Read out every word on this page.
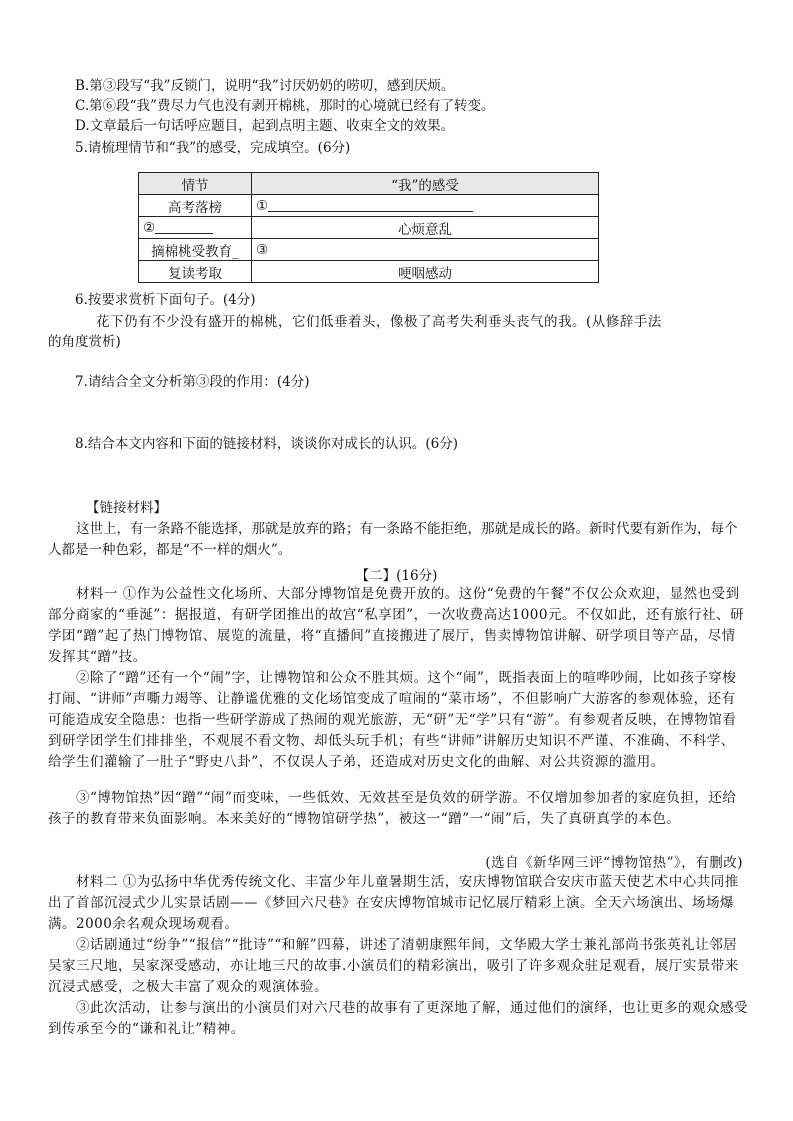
B.第③段写“我”反锁门，说明“我”讨厌奶奶的唠叨，感到厌烦。
C.第⑥段“我”费尽力气也没有剥开棉桃，那时的心境就已经有了转变。
D.文章最后一句话呼应题目，起到点明主题、收束全文的效果。
5.请梳理情节和“我”的感受，完成填空。(6分)
情节	“我”的感受
高考落榜	①
②	心烦意乱
摘棉桃受教育_	③
复读考取	哽咽感动
6.按要求赏析下面句子。(4分)
花下仍有不少没有盛开的棉桃，它们低垂着头，像极了高考失利垂头丧气的我。(从修辞手法
的角度赏析)
7.请结合全文分析第③段的作用：(4分)
8.结合本文内容和下面的链接材料，谈谈你对成长的认识。(6分)
【链接材料】
这世上，有一条路不能选择，那就是放弃的路；有一条路不能拒绝，那就是成长的路。新时代要有新作为，每个人都是一种色彩，都是“不一样的烟火”。
【二】(16分)
材料一 ①作为公益性文化场所、大部分博物馆是免费开放的。这份“免费的午餐”不仅公众欢迎，显然也受到部分商家的“垂涎”：据报道，有研学团推出的故宫“私享团”，一次收费高达1000元。不仅如此，还有旅行社、研学团“蹭”起了热门博物馆、展览的流量，将“直播间”直接搬进了展厅，售卖博物馆讲解、研学项目等产品，尽情发挥其“蹭”技。
②除了“蹭”还有一个“闹”字，让博物馆和公众不胜其烦。这个“闹”，既指表面上的喧哗吵闹，比如孩子穿梭打闹、“讲师”声嘶力竭等、让静谧优雅的文化场馆变成了喧闹的“菜市场”，不但影响广大游客的参观体验，还有可能造成安全隐患：也指一些研学游成了热闹的观光旅游，无“研”无“学”只有“游”。有参观者反映，在博物馆看到研学团学生们排排坐，不观展不看文物、却低头玩手机；有些“讲师”讲解历史知识不严谨、不准确、不科学、给学生们灌输了一肚子“野史八卦”，不仅误人子弟，还造成对历史文化的曲解、对公共资源的滥用。
③“博物馆热”因“蹭”“闹”而变味，一些低效、无效甚至是负效的研学游。不仅增加参加者的家庭负担，还给孩子的教育带来负面影响。本来美好的“博物馆研学热”，被这一“蹭”一“闹”后，失了真研真学的本色。
(选自《新华网三评“博物馆热”》，有删改)
材料二 ①为弘扬中华优秀传统文化、丰富少年儿童暑期生活，安庆博物馆联合安庆市蓝天使艺术中心共同推出了首部沉浸式少儿实景话剧——《梦回六尺巷》在安庆博物馆城市记忆展厅精彩上演。全天六场演出、场场爆满。2000余名观众现场观看。
②话剧通过“纷争”“报信”“批诗”“和解”四幕，讲述了清朝康熙年间，文华殿大学士兼礼部尚书张英礼让邻居吴家三尺地，吴家深受感动，亦让地三尺的故事.小演员们的精彩演出，吸引了许多观众驻足观看，展厅实景带来沉浸式感受，之极大丰富了观众的观演体验。
③此次活动，让参与演出的小演员们对六尺巷的故事有了更深地了解，通过他们的演绎，也让更多的观众感受到传承至今的“谦和礼让”精神。
